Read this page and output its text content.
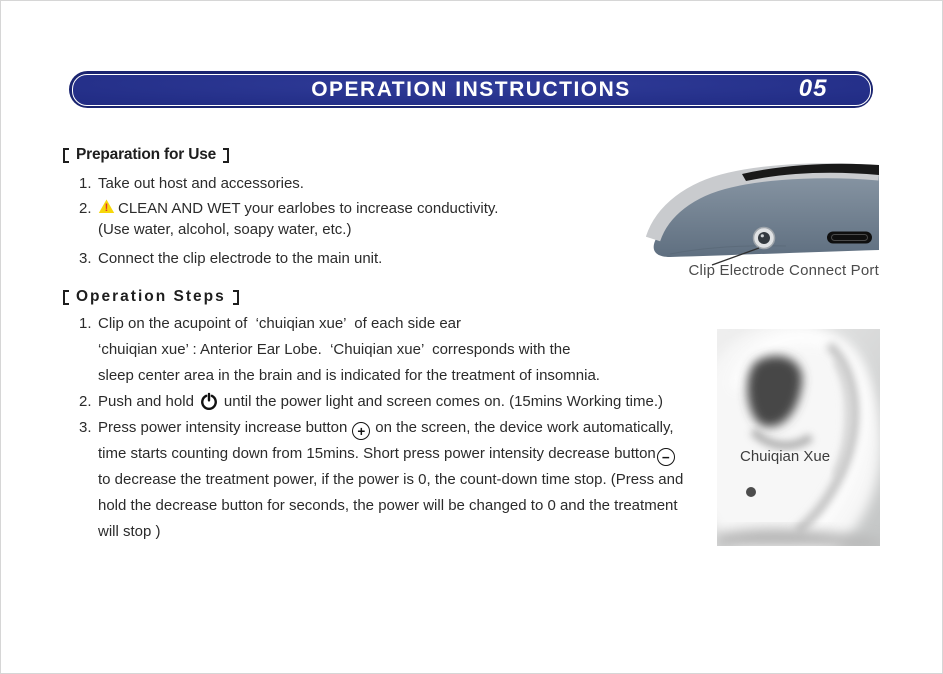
OPERATION INSTRUCTIONS	05
Preparation for Use
1. Take out host and accessories.
2.	! CLEAN AND WET your earlobes to increase conductivity.
(Use water, alcohol, soapy water, etc.)
3. Connect the clip electrode to the main unit.
Operation Steps
1. Clip on the acupoint of  ‘chuiqian xue’  of each side ear
‘chuiqian xue’ : Anterior Ear Lobe.  ‘Chuiqian xue’  corresponds with the
sleep center area in the brain and is indicated for the treatment of insomnia.
2. Push and hold until the power light and screen comes on. (15mins Working time.)
3. Press power intensity increase button + on the screen, the device work automatically,
time starts counting down from 15mins. Short press power intensity decrease button −
to decrease the treatment power, if the power is 0, the count-down time stop. (Press and
hold the decrease button for seconds, the power will be changed to 0 and the treatment
will stop )
Clip Electrode Connect Port
Chuiqian Xue
